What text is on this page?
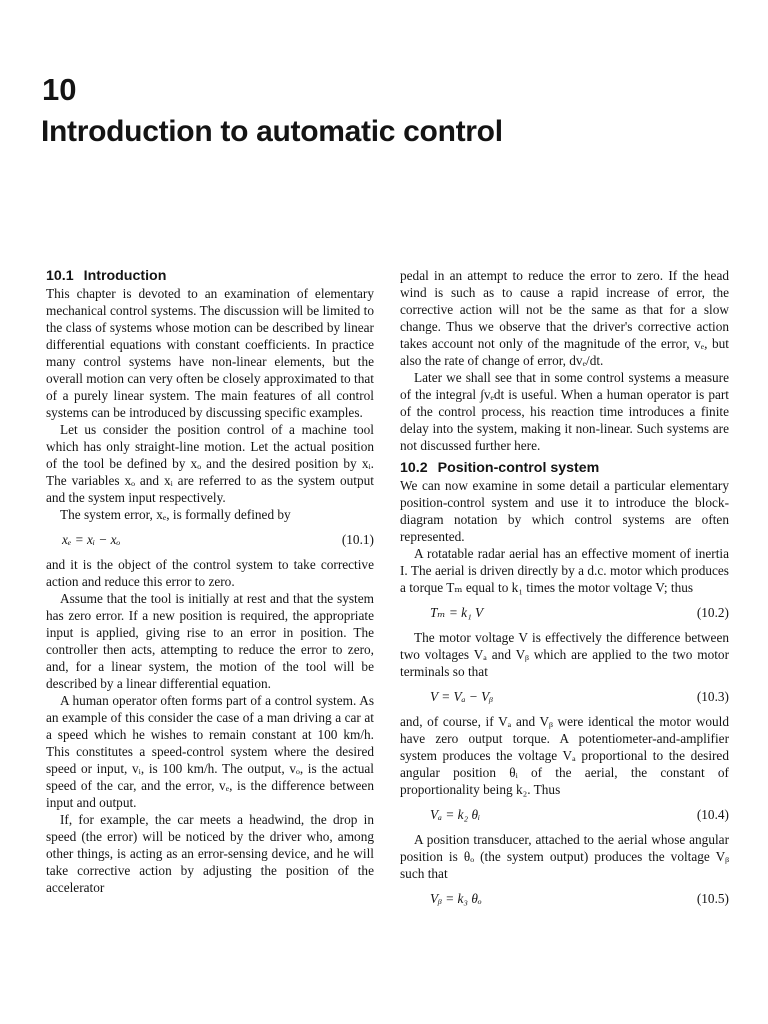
10
Introduction to automatic control
10.1 Introduction

This chapter is devoted to an examination of elementary mechanical control systems. The discussion will be limited to the class of systems whose motion can be described by linear differential equations with constant coefficients. In practice many control systems have non-linear elements, but the overall motion can very often be closely approximated to that of a purely linear system. The main features of all control systems can be introduced by discussing specific examples.

Let us consider the position control of a machine tool which has only straight-line motion. Let the actual position of the tool be defined by xₒ and the desired position by xᵢ. The variables xₒ and xᵢ are referred to as the system output and the system input respectively.

The system error, xₑ, is formally defined by

xₑ = xᵢ − xₒ	(10.1)

and it is the object of the control system to take corrective action and reduce this error to zero.

Assume that the tool is initially at rest and that the system has zero error. If a new position is required, the appropriate input is applied, giving rise to an error in position. The controller then acts, attempting to reduce the error to zero, and, for a linear system, the motion of the tool will be described by a linear differential equation.

A human operator often forms part of a control system. As an example of this consider the case of a man driving a car at a speed which he wishes to remain constant at 100 km/h. This constitutes a speed-control system where the desired speed or input, vᵢ, is 100 km/h. The output, vₒ, is the actual speed of the car, and the error, vₑ, is the difference between input and output.

If, for example, the car meets a headwind, the drop in speed (the error) will be noticed by the driver who, among other things, is acting as an error-sensing device, and he will take corrective action by adjusting the position of the accelerator

pedal in an attempt to reduce the error to zero. If the head wind is such as to cause a rapid increase of error, the corrective action will not be the same as that for a slow change. Thus we observe that the driver's corrective action takes account not only of the magnitude of the error, vₑ, but also the rate of change of error, dvₑ/dt.

Later we shall see that in some control systems a measure of the integral ∫vₑdt is useful. When a human operator is part of the control process, his reaction time introduces a finite delay into the system, making it non-linear. Such systems are not discussed further here.

10.2 Position-control system

We can now examine in some detail a particular elementary position-control system and use it to introduce the block-diagram notation by which control systems are often represented.

A rotatable radar aerial has an effective moment of inertia I. The aerial is driven directly by a d.c. motor which produces a torque Tₘ equal to k₁ times the motor voltage V; thus

Tₘ = k₁ V	(10.2)

The motor voltage V is effectively the difference between two voltages Vₐ and Vᵦ which are applied to the two motor terminals so that

V = Vₐ − Vᵦ	(10.3)

and, of course, if Vₐ and Vᵦ were identical the motor would have zero output torque. A potentiometer-and-amplifier system produces the voltage Vₐ proportional to the desired angular position θᵢ of the aerial, the constant of proportionality being k₂. Thus

Vₐ = k₂ θᵢ	(10.4)

A position transducer, attached to the aerial whose angular position is θₒ (the system output) produces the voltage Vᵦ such that

Vᵦ = k₃ θₒ	(10.5)
